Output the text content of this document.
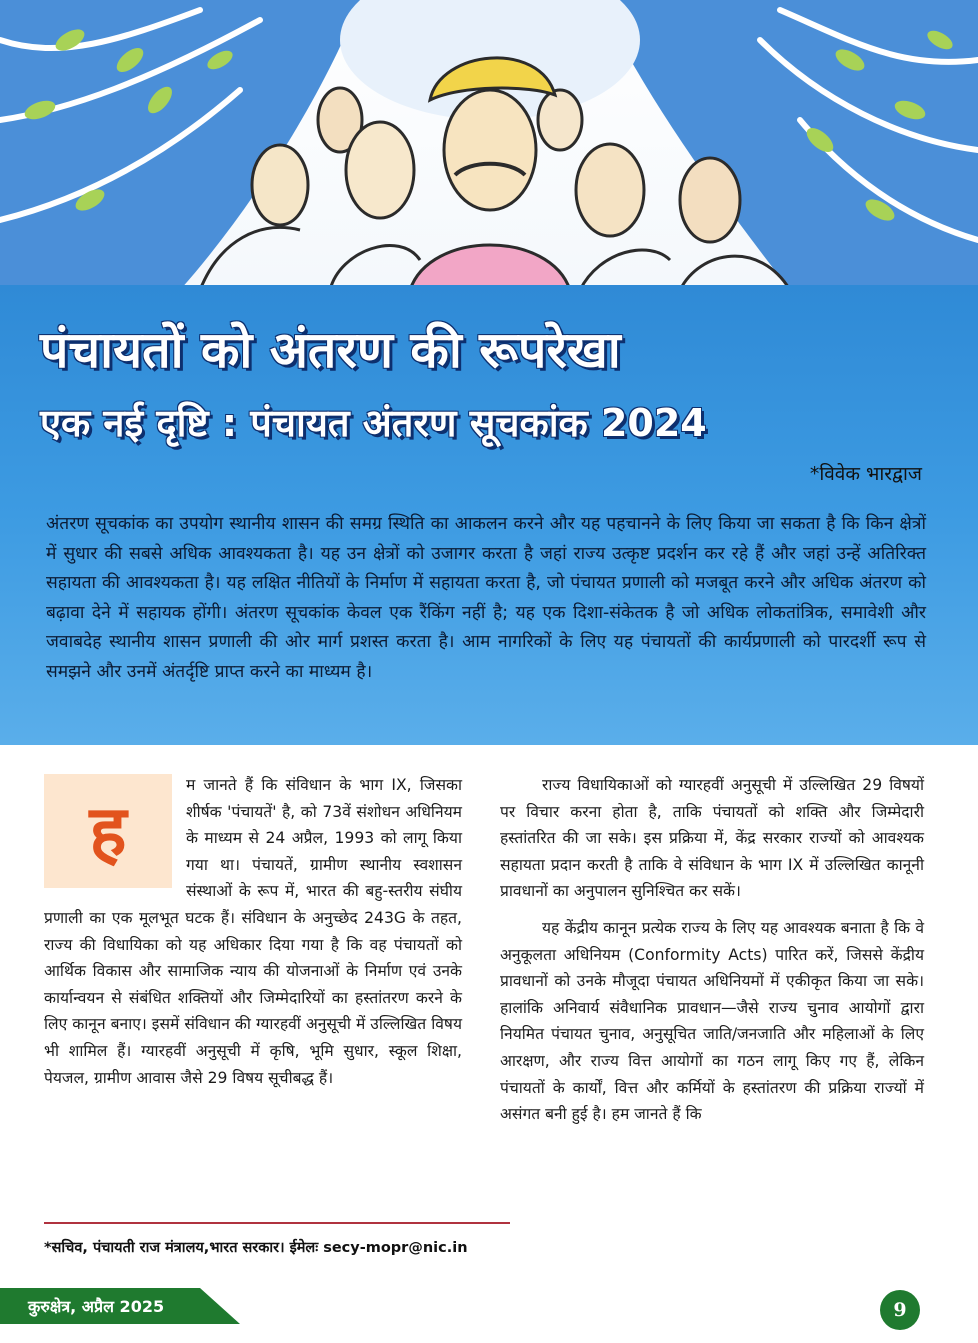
पंचायतों को अंतरण की रूपरेखा
एक नई दृष्टि : पंचायत अंतरण सूचकांक 2024
*विवेक भारद्वाज

अंतरण सूचकांक का उपयोग स्थानीय शासन की समग्र स्थिति का आकलन करने और यह पहचानने के लिए किया जा सकता है कि किन क्षेत्रों में सुधार की सबसे अधिक आवश्यकता है। यह उन क्षेत्रों को उजागर करता है जहां राज्य उत्कृष्ट प्रदर्शन कर रहे हैं और जहां उन्हें अतिरिक्त सहायता की आवश्यकता है। यह लक्षित नीतियों के निर्माण में सहायता करता है, जो पंचायत प्रणाली को मजबूत करने और अधिक अंतरण को बढ़ावा देने में सहायक होंगी। अंतरण सूचकांक केवल एक रैंकिंग नहीं है; यह एक दिशा-संकेतक है जो अधिक लोकतांत्रिक, समावेशी और जवाबदेह स्थानीय शासन प्रणाली की ओर मार्ग प्रशस्त करता है। आम नागरिकों के लिए यह पंचायतों की कार्यप्रणाली को पारदर्शी रूप से समझने और उनमें अंतर्दृष्टि प्राप्त करने का माध्यम है।

ह

म जानते हैं कि संविधान के भाग IX, जिसका शीर्षक 'पंचायतें' है, को 73वें संशोधन अधिनियम के माध्यम से 24 अप्रैल, 1993 को लागू किया गया था। पंचायतें, ग्रामीण स्थानीय स्वशासन संस्थाओं के रूप में, भारत की बहु-स्तरीय संघीय प्रणाली का एक मूलभूत घटक हैं। संविधान के अनुच्छेद 243G के तहत, राज्य की विधायिका को यह अधिकार दिया गया है कि वह पंचायतों को आर्थिक विकास और सामाजिक न्याय की योजनाओं के निर्माण एवं उनके कार्यान्वयन से संबंधित शक्तियों और जिम्मेदारियों का हस्तांतरण करने के लिए कानून बनाए। इसमें संविधान की ग्यारहवीं अनुसूची में उल्लिखित विषय भी शामिल हैं। ग्यारहवीं अनुसूची में कृषि, भूमि सुधार, स्कूल शिक्षा, पेयजल, ग्रामीण आवास जैसे 29 विषय सूचीबद्ध हैं।

राज्य विधायिकाओं को ग्यारहवीं अनुसूची में उल्लिखित 29 विषयों पर विचार करना होता है, ताकि पंचायतों को शक्ति और जिम्मेदारी हस्तांतरित की जा सके। इस प्रक्रिया में, केंद्र सरकार राज्यों को आवश्यक सहायता प्रदान करती है ताकि वे संविधान के भाग IX में उल्लिखित कानूनी प्रावधानों का अनुपालन सुनिश्चित कर सकें।

यह केंद्रीय कानून प्रत्येक राज्य के लिए यह आवश्यक बनाता है कि वे अनुकूलता अधिनियम (Conformity Acts) पारित करें, जिससे केंद्रीय प्रावधानों को उनके मौजूदा पंचायत अधिनियमों में एकीकृत किया जा सके। हालांकि अनिवार्य संवैधानिक प्रावधान—जैसे राज्य चुनाव आयोगों द्वारा नियमित पंचायत चुनाव, अनुसूचित जाति/जनजाति और महिलाओं के लिए आरक्षण, और राज्य वित्त आयोगों का गठन लागू किए गए हैं, लेकिन पंचायतों के कार्यों, वित्त और कर्मियों के हस्तांतरण की प्रक्रिया राज्यों में असंगत बनी हुई है। हम जानते हैं कि

*सचिव, पंचायती राज मंत्रालय,भारत सरकार। ईमेलः secy-mopr@nic.in
कुरुक्षेत्र, अप्रैल 2025	9
